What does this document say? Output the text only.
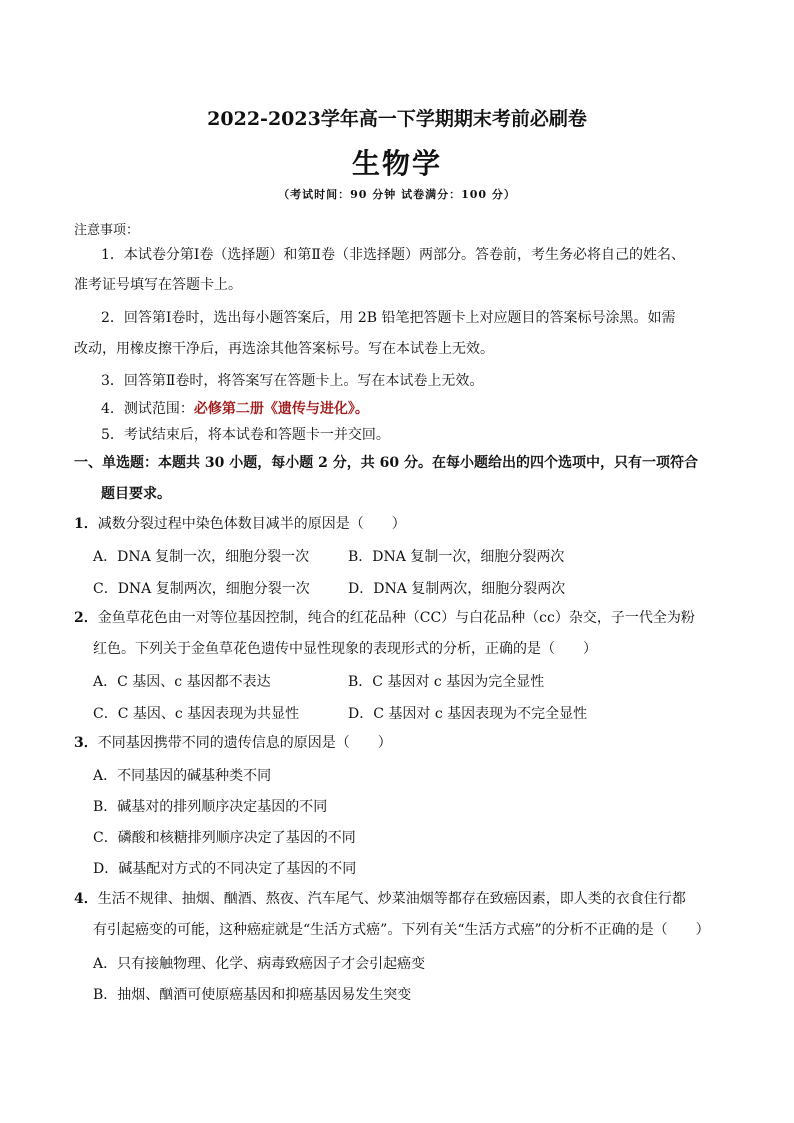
2022-2023学年高一下学期期末考前必刷卷
生物学
（考试时间：90 分钟 试卷满分：100 分）
注意事项：
1．本试卷分第Ⅰ卷（选择题）和第Ⅱ卷（非选择题）两部分。答卷前，考生务必将自己的姓名、
准考证号填写在答题卡上。
2．回答第Ⅰ卷时，选出每小题答案后，用 2B 铅笔把答题卡上对应题目的答案标号涂黑。如需
改动，用橡皮擦干净后，再选涂其他答案标号。写在本试卷上无效。
3．回答第Ⅱ卷时，将答案写在答题卡上。写在本试卷上无效。
4．测试范围：必修第二册《遗传与进化》。
5．考试结束后，将本试卷和答题卡一并交回。
一、单选题：本题共 30 小题，每小题 2 分，共 60 分。在每小题给出的四个选项中，只有一项符合
题目要求。
1．减数分裂过程中染色体数目减半的原因是（　　）
A．DNA 复制一次，细胞分裂一次	B．DNA 复制一次，细胞分裂两次
C．DNA 复制两次，细胞分裂一次	D．DNA 复制两次，细胞分裂两次
2．金鱼草花色由一对等位基因控制，纯合的红花品种（CC）与白花品种（cc）杂交，子一代全为粉
红色。下列关于金鱼草花色遗传中显性现象的表现形式的分析，正确的是（　　）
A．C 基因、c 基因都不表达	B．C 基因对 c 基因为完全显性
C．C 基因、c 基因表现为共显性	D．C 基因对 c 基因表现为不完全显性
3．不同基因携带不同的遗传信息的原因是（　　）
A．不同基因的碱基种类不同
B．碱基对的排列顺序决定基因的不同
C．磷酸和核糖排列顺序决定了基因的不同
D．碱基配对方式的不同决定了基因的不同
4．生活不规律、抽烟、酗酒、熬夜、汽车尾气、炒菜油烟等都存在致癌因素，即人类的衣食住行都
有引起癌变的可能，这种癌症就是“生活方式癌”。下列有关“生活方式癌”的分析不正确的是（　　）
A．只有接触物理、化学、病毒致癌因子才会引起癌变
B．抽烟、酗酒可使原癌基因和抑癌基因易发生突变
